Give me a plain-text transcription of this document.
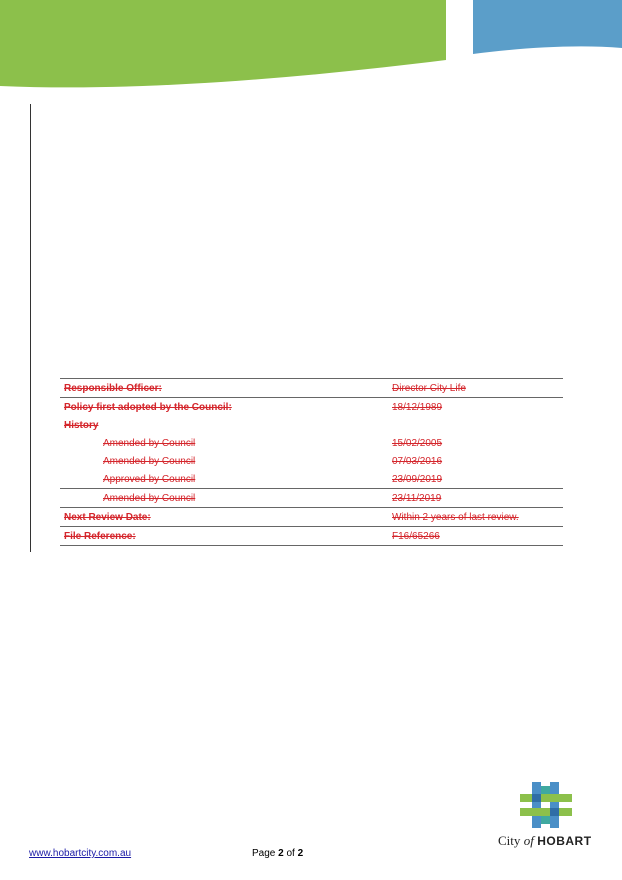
Responsible Officer:	Director City Life
Policy first adopted by the Council:	18/12/1989
History	
Amended by Council	15/02/2005
Amended by Council	07/03/2016
Approved by Council	23/09/2019
Amended by Council	23/11/2019
Next Review Date:	Within 2 years of last review.
File Reference:	F16/65266
www.hobartcity.com.au	Page 2 of 2
City of HOBART
